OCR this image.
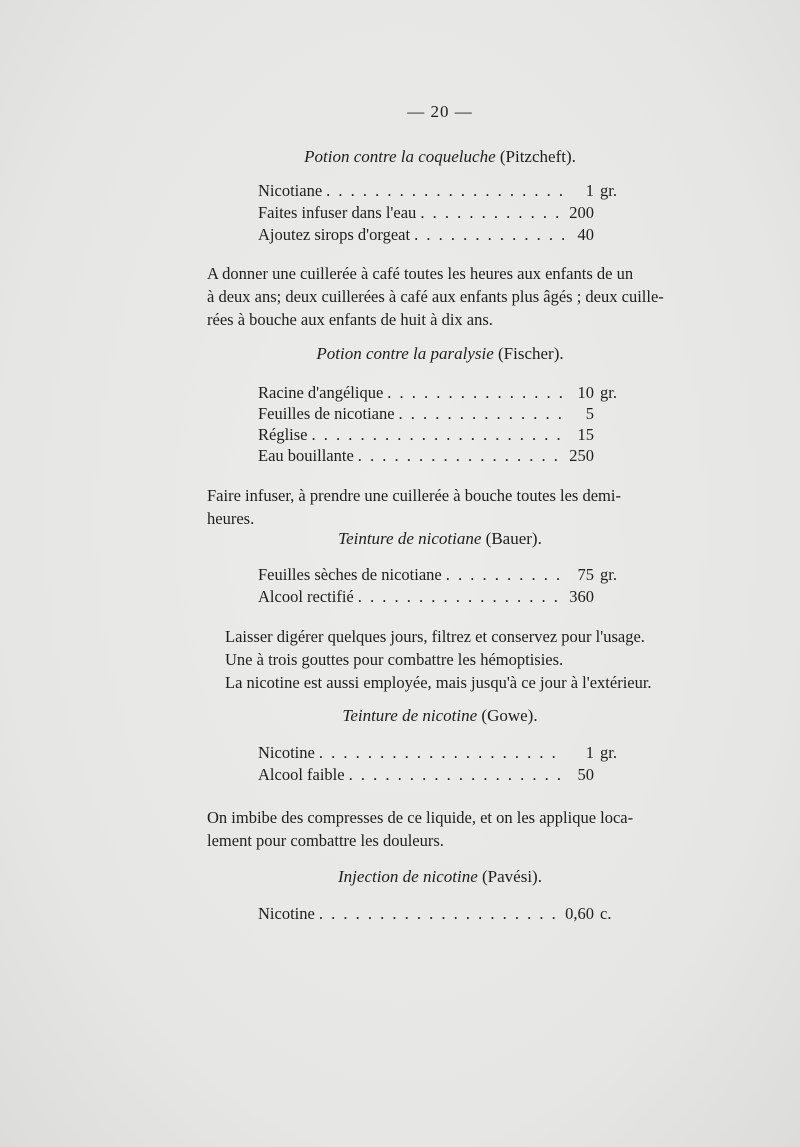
— 20 —
Potion contre la coqueluche (Pitzcheft).
Nicotiane . . .	1 gr.
Faites infuser dans l'eau . . .	200
Ajoutez sirops d'orgeat . . .	40
A donner une cuillerée à café toutes les heures aux enfants de un
à deux ans; deux cuillerées à café aux enfants plus âgés ; deux cuille-
rées à bouche aux enfants de huit à dix ans.
Potion contre la paralysie (Fischer).
Racine d'angélique . . .	10 gr.
Feuilles de nicotiane . . .	5
Réglise . . .	15
Eau bouillante . . .	250
Faire infuser, à prendre une cuillerée à bouche toutes les demi-
heures.
Teinture de nicotiane (Bauer).
Feuilles sèches de nicotiane . . .	75 gr.
Alcool rectifié . . .	360
Laisser digérer quelques jours, filtrez et conservez pour l'usage.
Une à trois gouttes pour combattre les hémoptisies.
La nicotine est aussi employée, mais jusqu'à ce jour à l'extérieur.
Teinture de nicotine (Gowe).
Nicotine . . .	1 gr.
Alcool faible . . .	50
On imbibe des compresses de ce liquide, et on les applique loca-
lement pour combattre les douleurs.
Injection de nicotine (Pavési).
Nicotine . . .	0,60 c.
